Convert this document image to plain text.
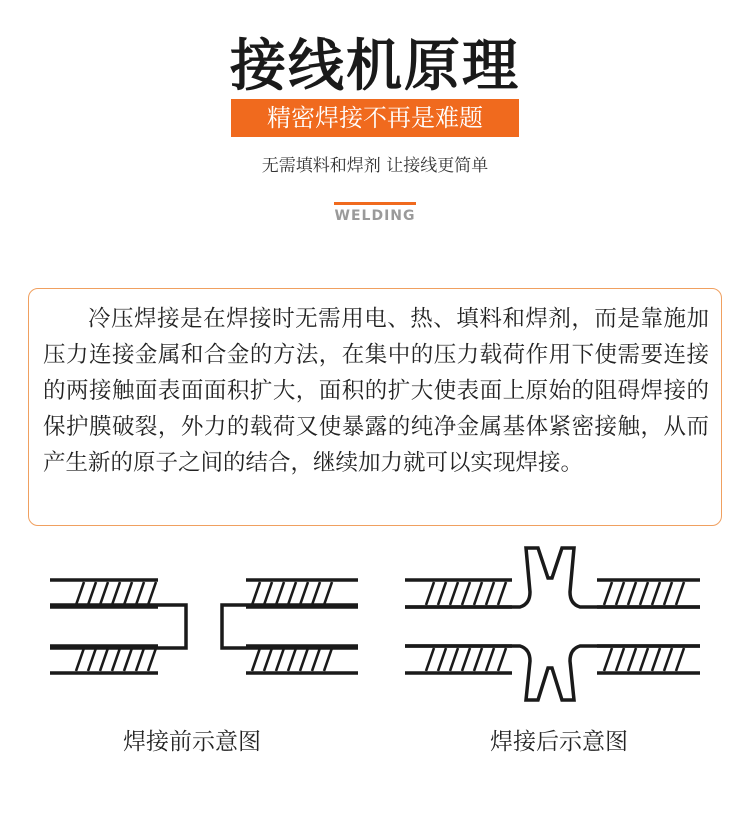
接线机原理
精密焊接不再是难题
无需填料和焊剂 让接线更简单
WELDING

冷压焊接是在焊接时无需用电、热、填料和焊剂，而是靠施加压力连接金属和合金的方法，在集中的压力载荷作用下使需要连接的两接触面表面面积扩大，面积的扩大使表面上原始的阻碍焊接的保护膜破裂，外力的载荷又使暴露的纯净金属基体紧密接触，从而产生新的原子之间的结合，继续加力就可以实现焊接。

焊接前示意图	焊接后示意图
